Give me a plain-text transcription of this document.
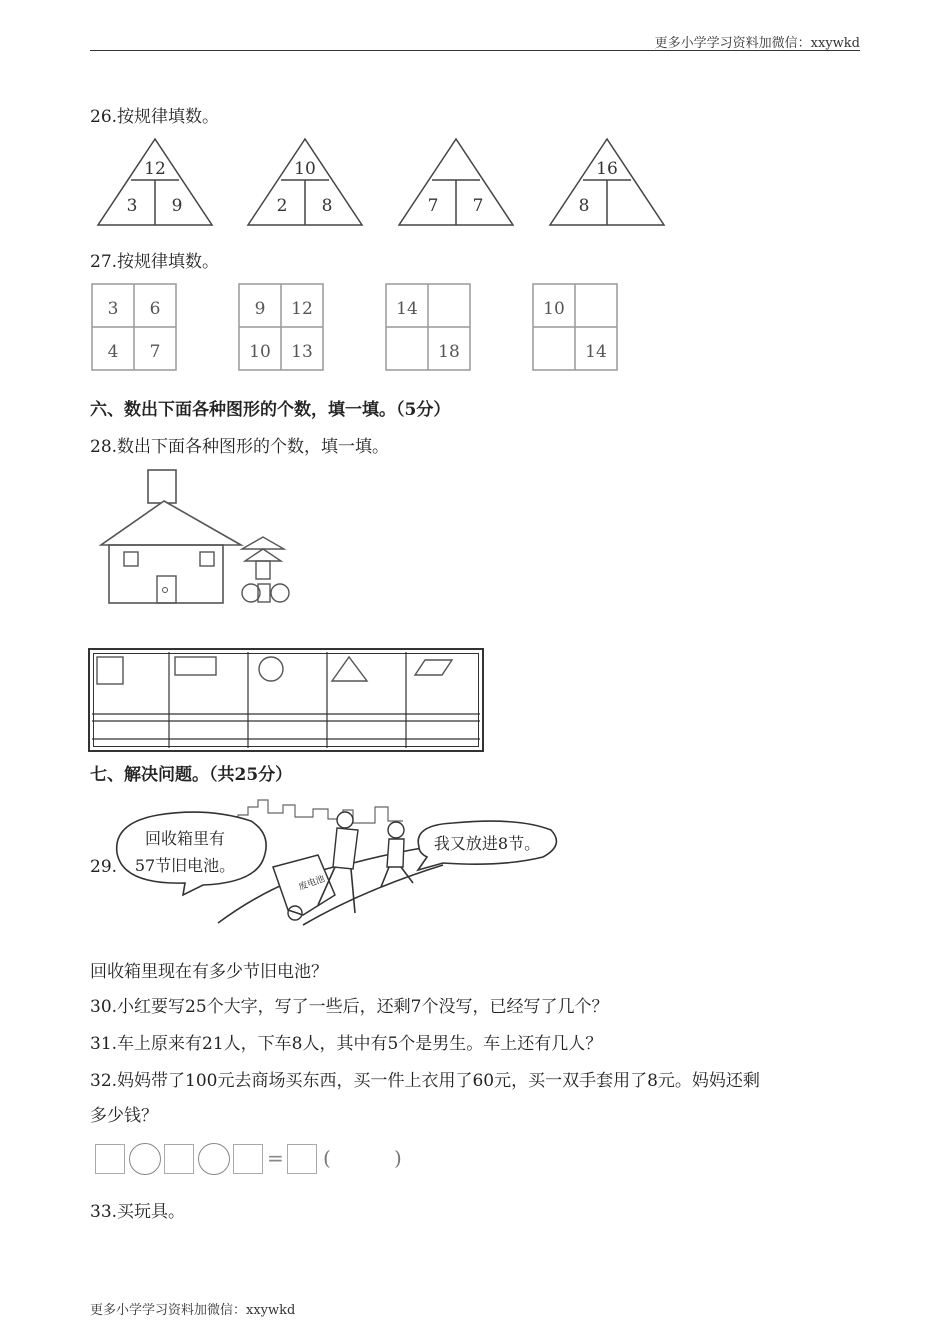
更多小学学习资料加微信：xxywkd
更多小学学习资料加微信：xxywkd
26.按规律填数。
12
3 9
10
2 8	7 7
16
8
27.按规律填数。
3 6
4 7
9 12
10 13
14
18
10
14
六、数出下面各种图形的个数，填一填。（5分）
28.数出下面各种图形的个数，填一填。
七、解决问题。（共25分）
29.
回收箱里有
57节旧电池。
废电池
我又放进8节。
回收箱里现在有多少节旧电池？
30.小红要写25个大字，写了一些后，还剩7个没写，已经写了几个？
31.车上原来有21人，下车8人，其中有5个是男生。车上还有几人？
32.妈妈带了100元去商场买东西，买一件上衣用了60元，买一双手套用了8元。妈妈还剩
多少钱？
= (	)
33.买玩具。
